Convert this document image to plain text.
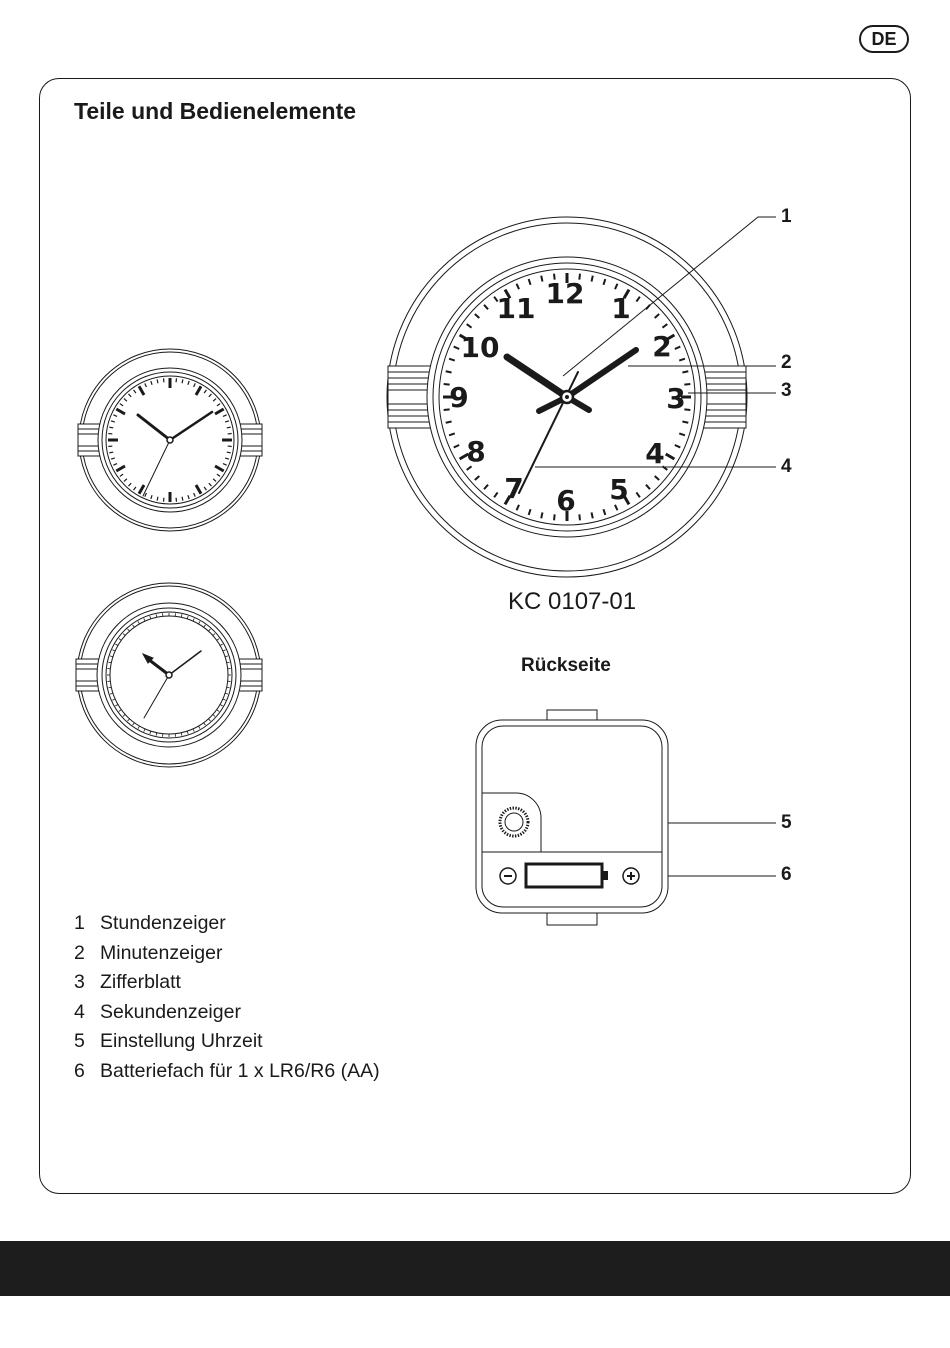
DE
Teile und Bedienelemente
12 1
2
3
4
5
6
7
8
9
10
11
1
2
3
4
5
6
KC 0107-01
Rückseite
1 Stundenzeiger
2 Minutenzeiger
3 Zifferblatt
4 Sekundenzeiger
5 Einstellung Uhrzeit
6 Batteriefach für 1 x LR6/R6 (AA)
